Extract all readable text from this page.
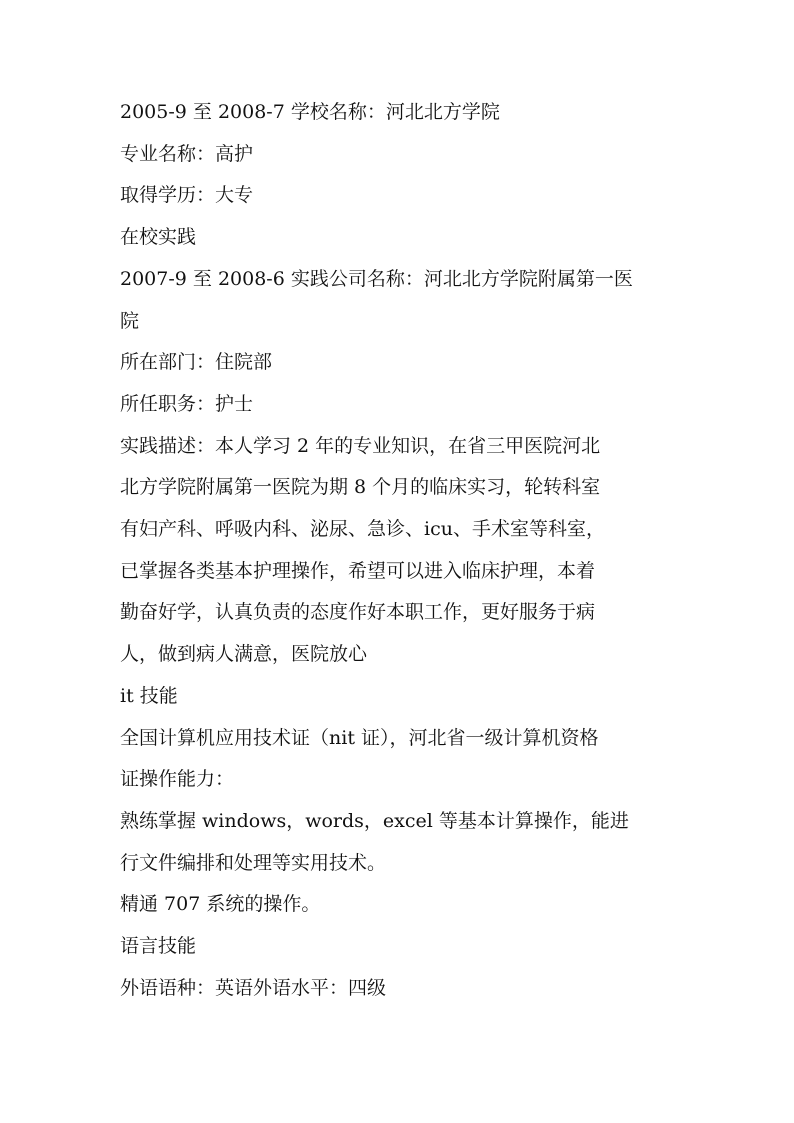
2005-9 至 2008-7 学校名称：河北北方学院
专业名称：高护
取得学历：大专
在校实践
2007-9 至 2008-6 实践公司名称：河北北方学院附属第一医
院
所在部门：住院部
所任职务：护士
实践描述：本人学习 2 年的专业知识，在省三甲医院河北
北方学院附属第一医院为期 8 个月的临床实习，轮转科室
有妇产科、呼吸内科、泌尿、急诊、icu、手术室等科室，
已掌握各类基本护理操作，希望可以进入临床护理，本着
勤奋好学，认真负责的态度作好本职工作，更好服务于病
人，做到病人满意，医院放心
it 技能
全国计算机应用技术证（nit 证），河北省一级计算机资格
证操作能力：
熟练掌握 windows，words，excel 等基本计算操作，能进
行文件编排和处理等实用技术。
精通 707 系统的操作。
语言技能
外语语种：英语外语水平：四级
